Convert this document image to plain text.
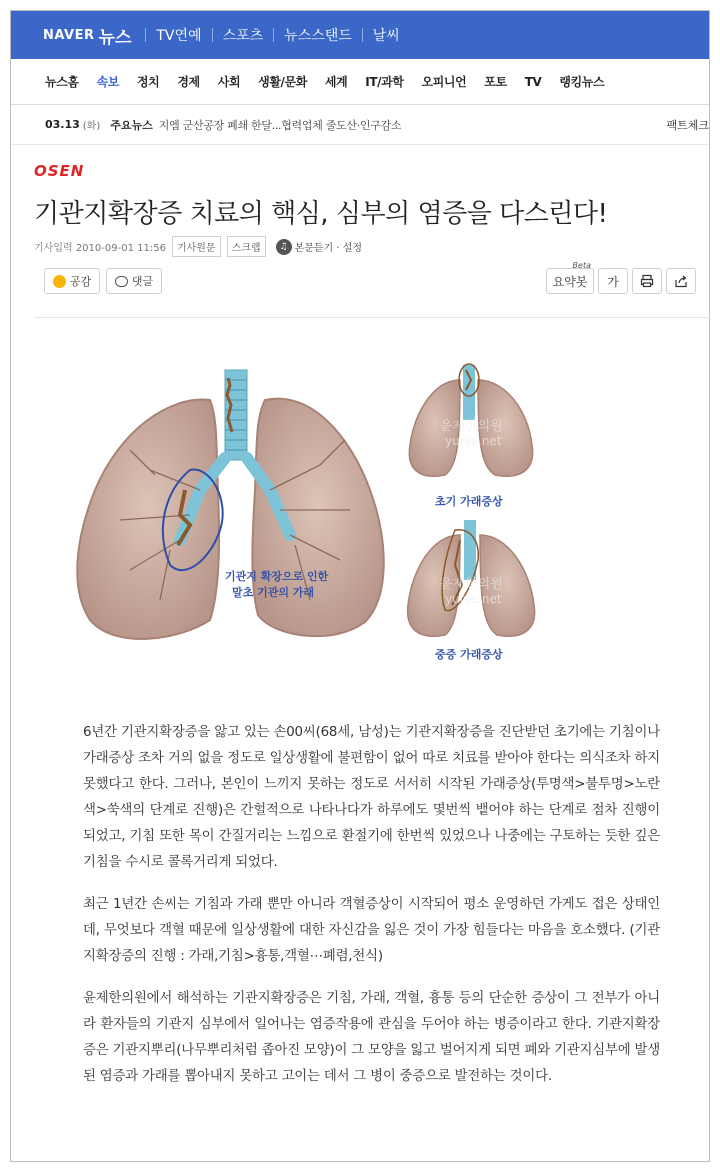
NAVER 뉴스 TV연예 스포츠 뉴스스탠드 날씨
뉴스홈 속보 정치 경제 사회 생활/문화 세계 IT/과학 오피니언 포토 TV 랭킹뉴스
03.13 (화) 주요뉴스 지엠 군산공장 폐쇄 한달...협력업체 줄도산·인구감소	팩트체크
OSEN
기관지확장증 치료의 핵심, 심부의 염증을 다스린다!
기사입력 2010-09-01 11:56	기사원문	스크랩	♫ 본문듣기 · 설정
공감	댓글	요약봇
Beta
가
기관지 확장으로 인한
말초 기관의 가래
윤제한의원
yunje.net
초기 가래증상
윤제한의원
yunje.net
중증 가래증상

6년간 기관지확장증을 앓고 있는 손00씨(68세, 남성)는 기관지확장증을 진단받던 초기에는 기침이나 가래증상 조차 거의 없을 정도로 일상생활에 불편함이 없어 따로 치료를 받아야 한다는 의식조차 하지 못했다고 한다. 그러나, 본인이 느끼지 못하는 정도로 서서히 시작된 가래증상(투명색>불투명>노란색>쑥색의 단계로 진행)은 간헐적으로 나타나다가 하루에도 몇번씩 뱉어야 하는 단계로 점차 진행이 되었고, 기침 또한 목이 간질거리는 느낌으로 환절기에 한번씩 있었으나 나중에는 구토하는 듯한 깊은 기침을 수시로 콜록거리게 되었다.

최근 1년간 손씨는 기침과 가래 뿐만 아니라 객혈증상이 시작되어 평소 운영하던 가게도 접은 상태인데, 무엇보다 객혈 때문에 일상생활에 대한 자신감을 잃은 것이 가장 힘들다는 마음을 호소했다. (기관지확장증의 진행 : 가래,기침>흉통,객혈⋯폐렴,천식)

윤제한의원에서 해석하는 기관지확장증은 기침, 가래, 객혈, 흉통 등의 단순한 증상이 그 전부가 아니라 환자들의 기관지 심부에서 일어나는 염증작용에 관심을 두어야 하는 병증이라고 한다. 기관지확장증은 기관지뿌리(나무뿌리처럼 좁아진 모양)이 그 모양을 잃고 벌어지게 되면 폐와 기관지심부에 발생된 염증과 가래를 뽑아내지 못하고 고이는 데서 그 병이 중증으로 발전하는 것이다.
